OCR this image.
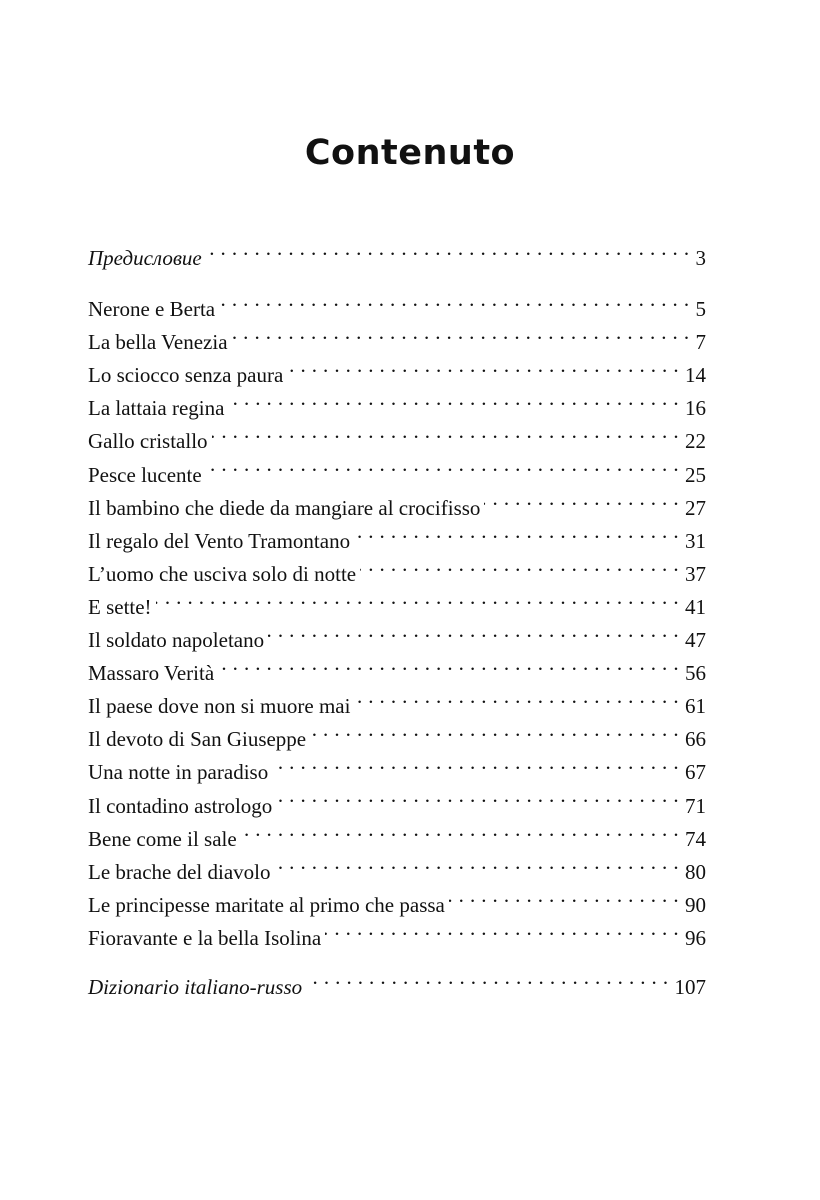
Contenuto
Предисловие . . .	3
Nerone e Berta . . .	5
La bella Venezia . . .	7
Lo sciocco senza paura . . .	14
La lattaia regina . . .	16
Gallo cristallo . . .	22
Pesce lucente . . .	25
Il bambino che diede da mangiare al crocifisso . . .	27
Il regalo del Vento Tramontano . . .	31
L’uomo che usciva solo di notte . . .	37
E sette! . . .	41
Il soldato napoletano . . .	47
Massaro Verità . . .	56
Il paese dove non si muore mai . . .	61
Il devoto di San Giuseppe . . .	66
Una notte in paradiso . . .	67
Il contadino astrologo . . .	71
Bene come il sale . . .	74
Le brache del diavolo . . .	80
Le principesse maritate al primo che passa . . .	90
Fioravante e la bella Isolina . . .	96
Dizionario italiano-russo . . .	107
